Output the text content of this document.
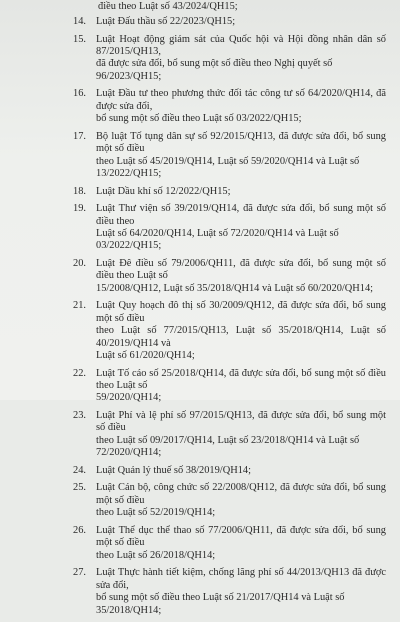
điều theo Luật số 43/2024/QH15;
14. Luật Đấu thầu số 22/2023/QH15;
15. Luật Hoạt động giám sát của Quốc hội và Hội đồng nhân dân số 87/2015/QH13,
đã được sửa đổi, bổ sung một số điều theo Nghị quyết số 96/2023/QH15;
16. Luật Đầu tư theo phương thức đối tác công tư số 64/2020/QH14, đã được sửa đổi,
bổ sung một số điều theo Luật số 03/2022/QH15;
17. Bộ luật Tố tụng dân sự số 92/2015/QH13, đã được sửa đổi, bổ sung một số điều
theo Luật số 45/2019/QH14, Luật số 59/2020/QH14 và Luật số 13/2022/QH15;
18. Luật Dầu khí số 12/2022/QH15;
19. Luật Thư viện số 39/2019/QH14, đã được sửa đổi, bổ sung một số điều theo
Luật số 64/2020/QH14, Luật số 72/2020/QH14 và Luật số 03/2022/QH15;
20. Luật Đê điều số 79/2006/QH11, đã được sửa đổi, bổ sung một số điều theo Luật số
15/2008/QH12, Luật số 35/2018/QH14 và Luật số 60/2020/QH14;
21. Luật Quy hoạch đô thị số 30/2009/QH12, đã được sửa đổi, bổ sung một số điều
theo Luật số 77/2015/QH13, Luật số 35/2018/QH14, Luật số 40/2019/QH14 và
Luật số 61/2020/QH14;
22. Luật Tố cáo số 25/2018/QH14, đã được sửa đổi, bổ sung một số điều theo Luật số
59/2020/QH14;
23. Luật Phí và lệ phí số 97/2015/QH13, đã được sửa đổi, bổ sung một số điều
theo Luật số 09/2017/QH14, Luật số 23/2018/QH14 và Luật số 72/2020/QH14;
24. Luật Quản lý thuế số 38/2019/QH14;
25. Luật Cán bộ, công chức số 22/2008/QH12, đã được sửa đổi, bổ sung một số điều
theo Luật số 52/2019/QH14;
26. Luật Thể dục thể thao số 77/2006/QH11, đã được sửa đổi, bổ sung một số điều
theo Luật số 26/2018/QH14;
27. Luật Thực hành tiết kiệm, chống lãng phí số 44/2013/QH13 đã được sửa đổi,
bổ sung một số điều theo Luật số 21/2017/QH14 và Luật số 35/2018/QH14;
